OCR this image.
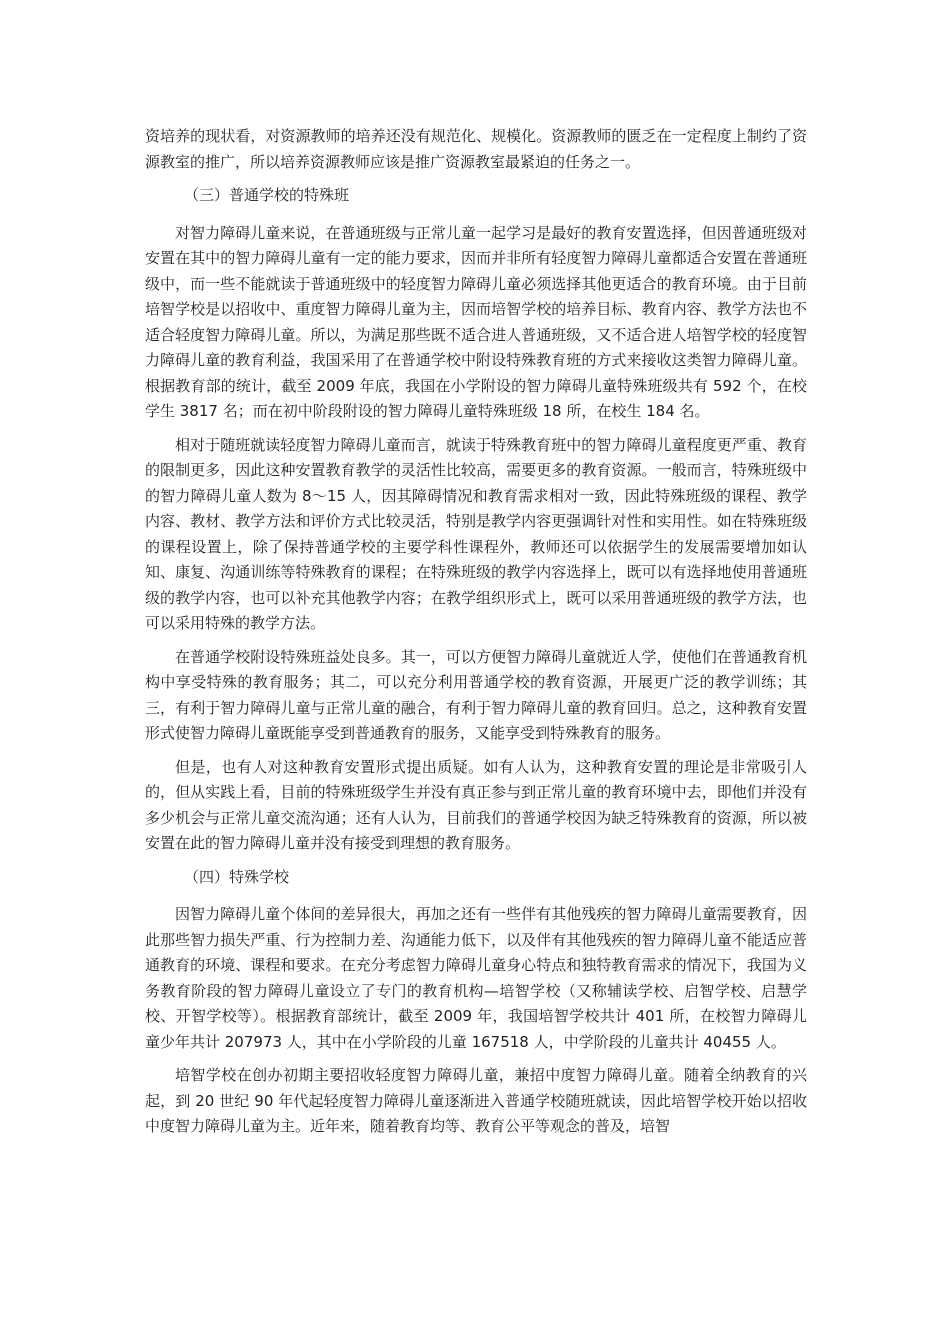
资培养的现状看，对资源教师的培养还没有规范化、规模化。资源教师的匮乏在一定程度上制约了资源教室的推广，所以培养资源教师应该是推广资源教室最紧迫的任务之一。

（三）普通学校的特殊班

对智力障碍儿童来说，在普通班级与正常儿童一起学习是最好的教育安置选择，但因普通班级对安置在其中的智力障碍儿童有一定的能力要求，因而并非所有轻度智力障碍儿童都适合安置在普通班级中，而一些不能就读于普通班级中的轻度智力障碍儿童必须选择其他更适合的教育环境。由于目前培智学校是以招收中、重度智力障碍儿童为主，因而培智学校的培养目标、教育内容、教学方法也不适合轻度智力障碍儿童。所以，为满足那些既不适合进人普通班级，又不适合进人培智学校的轻度智力障碍儿童的教育利益，我国采用了在普通学校中附设特殊教育班的方式来接收这类智力障碍儿童。根据教育部的统计，截至 2009 年底，我国在小学附设的智力障碍儿童特殊班级共有 592 个，在校学生 3817 名；而在初中阶段附设的智力障碍儿童特殊班级 18 所，在校生 184 名。

相对于随班就读轻度智力障碍儿童而言，就读于特殊教育班中的智力障碍儿童程度更严重、教育的限制更多，因此这种安置教育教学的灵活性比较高，需要更多的教育资源。一般而言，特殊班级中的智力障碍儿童人数为 8～15 人，因其障碍情况和教育需求相对一致，因此特殊班级的课程、教学内容、教材、教学方法和评价方式比较灵活，特别是教学内容更强调针对性和实用性。如在特殊班级的课程设置上，除了保持普通学校的主要学科性课程外，教师还可以依据学生的发展需要增加如认知、康复、沟通训练等特殊教育的课程；在特殊班级的教学内容选择上，既可以有选择地使用普通班级的教学内容，也可以补充其他教学内容；在教学组织形式上，既可以采用普通班级的教学方法，也可以采用特殊的教学方法。

在普通学校附设特殊班益处良多。其一，可以方便智力障碍儿童就近人学，使他们在普通教育机构中享受特殊的教育服务；其二，可以充分利用普通学校的教育资源，开展更广泛的教学训练；其三，有利于智力障碍儿童与正常儿童的融合，有利于智力障碍儿童的教育回归。总之，这种教育安置形式使智力障碍儿童既能享受到普通教育的服务，又能享受到特殊教育的服务。

但是，也有人对这种教育安置形式提出质疑。如有人认为，这种教育安置的理论是非常吸引人的，但从实践上看，目前的特殊班级学生并没有真正参与到正常儿童的教育环境中去，即他们并没有多少机会与正常儿童交流沟通；还有人认为，目前我们的普通学校因为缺乏特殊教育的资源，所以被安置在此的智力障碍儿童并没有接受到理想的教育服务。

（四）特殊学校

因智力障碍儿童个体间的差异很大，再加之还有一些伴有其他残疾的智力障碍儿童需要教育，因此那些智力损失严重、行为控制力差、沟通能力低下，以及伴有其他残疾的智力障碍儿童不能适应普通教育的环境、课程和要求。在充分考虑智力障碍儿童身心特点和独特教育需求的情况下，我国为义务教育阶段的智力障碍儿童设立了专门的教育机构—培智学校（又称辅读学校、启智学校、启慧学校、开智学校等）。根据教育部统计，截至 2009 年，我国培智学校共计 401 所，在校智力障碍儿童少年共计 207973 人，其中在小学阶段的儿童 167518 人，中学阶段的儿童共计 40455 人。

培智学校在创办初期主要招收轻度智力障碍儿童，兼招中度智力障碍儿童。随着全纳教育的兴起，到 20 世纪 90 年代起轻度智力障碍儿童逐渐进入普通学校随班就读，因此培智学校开始以招收中度智力障碍儿童为主。近年来，随着教育均等、教育公平等观念的普及，培智
